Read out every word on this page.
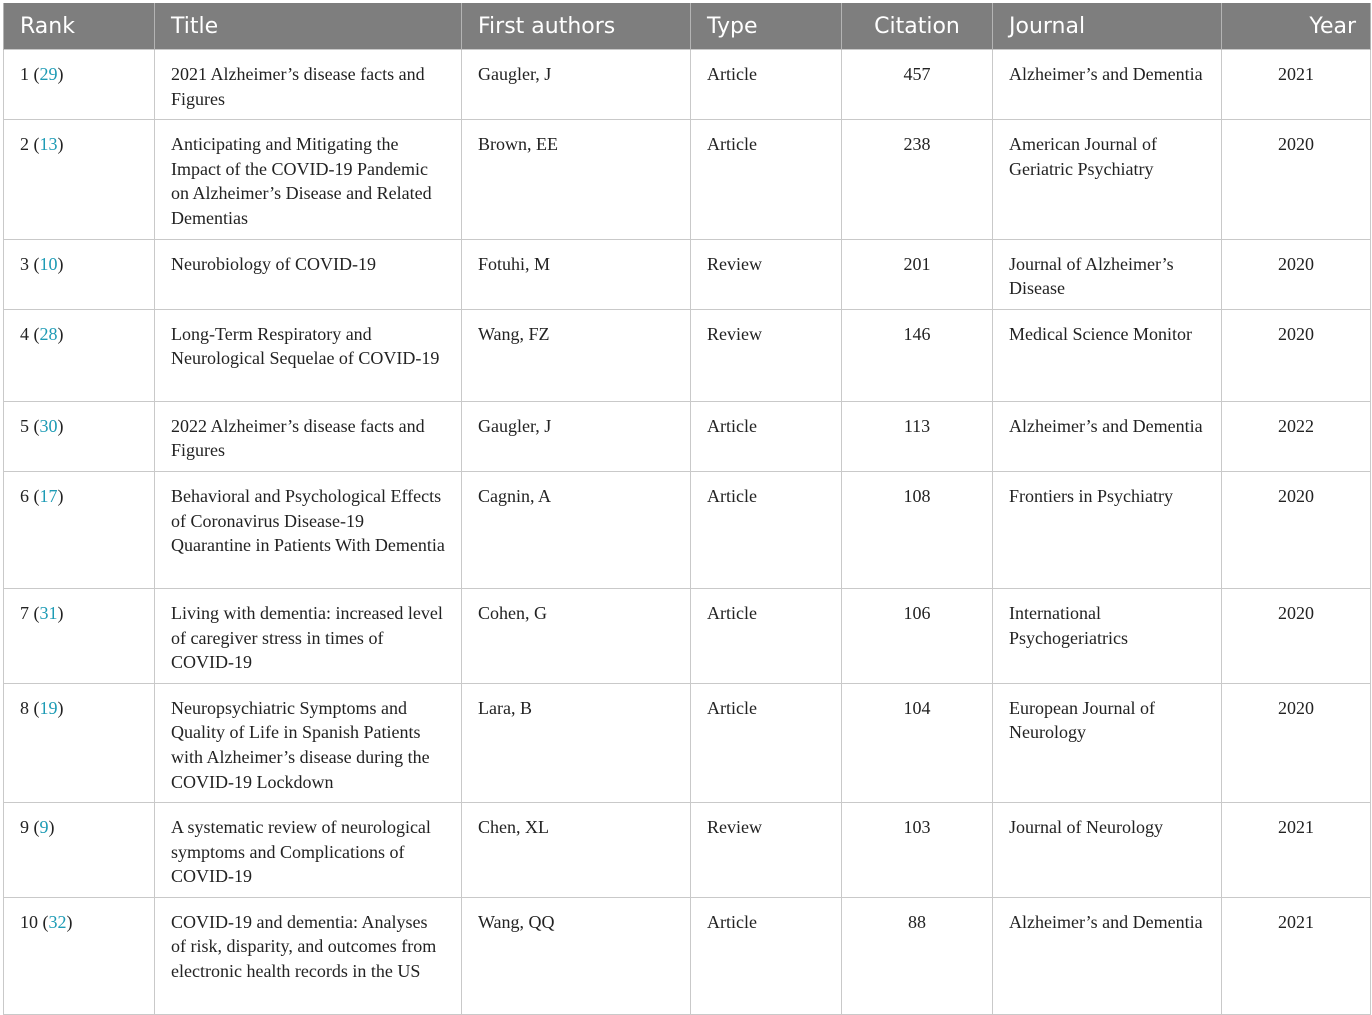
Rank	Title	First authors	Type	Citation	Journal	Year
1 (29)	2021 Alzheimer’s disease facts and Figures	Gaugler, J	Article	457	Alzheimer’s and Dementia	2021
2 (13)	Anticipating and Mitigating the Impact of the COVID-19 Pandemic on Alzheimer’s Disease and Related Dementias	Brown, EE	Article	238	American Journal of Geriatric Psychiatry	2020
3 (10)	Neurobiology of COVID-19	Fotuhi, M	Review	201	Journal of Alzheimer’s Disease	2020
4 (28)	Long-Term Respiratory and Neurological Sequelae of COVID-19	Wang, FZ	Review	146	Medical Science Monitor	2020
5 (30)	2022 Alzheimer’s disease facts and Figures	Gaugler, J	Article	113	Alzheimer’s and Dementia	2022
6 (17)	Behavioral and Psychological Effects of Coronavirus Disease-19 Quarantine in Patients With Dementia	Cagnin, A	Article	108	Frontiers in Psychiatry	2020
7 (31)	Living with dementia: increased level of caregiver stress in times of COVID-19	Cohen, G	Article	106	International Psychogeriatrics	2020
8 (19)	Neuropsychiatric Symptoms and Quality of Life in Spanish Patients with Alzheimer’s disease during the COVID-19 Lockdown	Lara, B	Article	104	European Journal of Neurology	2020
9 (9)	A systematic review of neurological symptoms and Complications of COVID-19	Chen, XL	Review	103	Journal of Neurology	2021
10 (32)	COVID-19 and dementia: Analyses of risk, disparity, and outcomes from electronic health records in the US	Wang, QQ	Article	88	Alzheimer’s and Dementia	2021
